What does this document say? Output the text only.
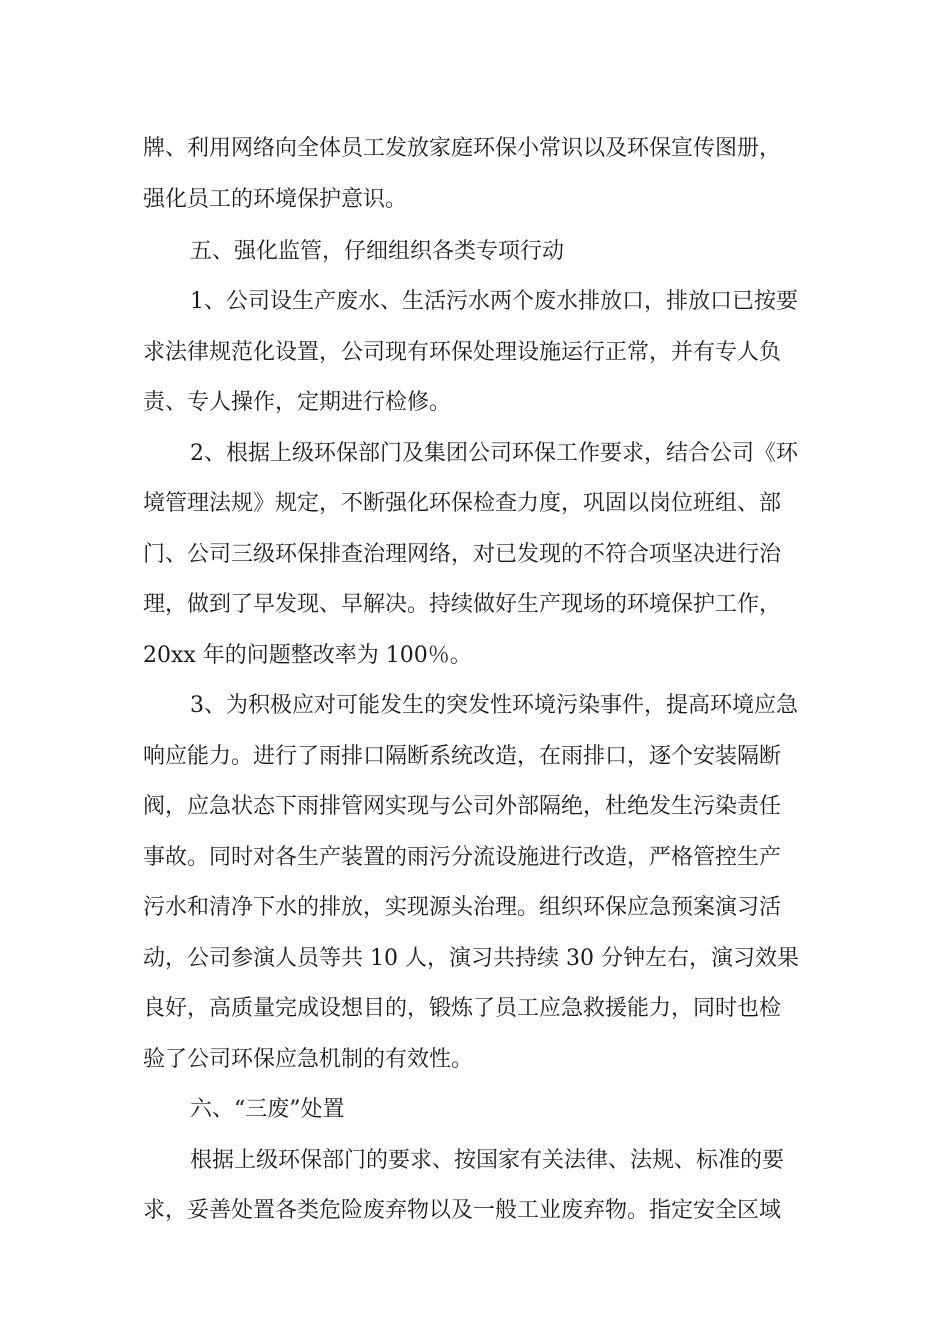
牌、利用网络向全体员工发放家庭环保小常识以及环保宣传图册，
强化员工的环境保护意识。
五、强化监管，仔细组织各类专项行动
1、公司设生产废水、生活污水两个废水排放口，排放口已按要
求法律规范化设置，公司现有环保处理设施运行正常，并有专人负
责、专人操作，定期进行检修。
2、根据上级环保部门及集团公司环保工作要求，结合公司《环
境管理法规》规定，不断强化环保检查力度，巩固以岗位班组、部
门、公司三级环保排查治理网络，对已发现的不符合项坚决进行治
理，做到了早发现、早解决。持续做好生产现场的环境保护工作，
20xx 年的问题整改率为 100％。
3、为积极应对可能发生的突发性环境污染事件，提高环境应急
响应能力。进行了雨排口隔断系统改造，在雨排口，逐个安装隔断
阀，应急状态下雨排管网实现与公司外部隔绝，杜绝发生污染责任
事故。同时对各生产装置的雨污分流设施进行改造，严格管控生产
污水和清净下水的排放，实现源头治理。组织环保应急预案演习活
动，公司参演人员等共 10 人，演习共持续 30 分钟左右，演习效果
良好，高质量完成设想目的，锻炼了员工应急救援能力，同时也检
验了公司环保应急机制的有效性。
六、“三废”处置
根据上级环保部门的要求、按国家有关法律、法规、标准的要
求，妥善处置各类危险废弃物以及一般工业废弃物。指定安全区域
